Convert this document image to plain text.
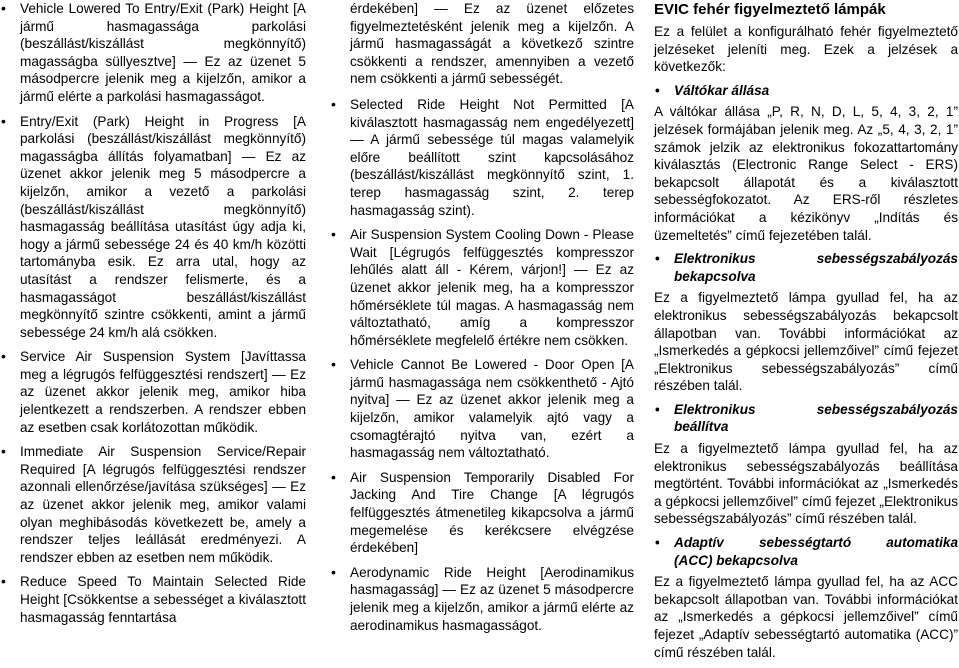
• Vehicle Lowered To Entry/Exit (Park) Height [A jármű hasmagassága parkolási (beszállást/kiszállást megkönnyítő) magasságba süllyesztve] — Ez az üzenet 5 másodpercre jelenik meg a kijelzőn, amikor a jármű elérte a parkolási hasmagasságot.
• Entry/Exit (Park) Height in Progress [A parkolási (beszállást/kiszállást megkönnyítő) magasságba állítás folyamatban] — Ez az üzenet akkor jelenik meg 5 másodpercre a kijelzőn, amikor a vezető a parkolási (beszállást/kiszállást megkönnyítő) hasmagasság beállítása utasítást úgy adja ki, hogy a jármű sebessége 24 és 40 km/h közötti tartományba esik. Ez arra utal, hogy az utasítást a rendszer felismerte, és a hasmagasságot beszállást/kiszállást megkönnyítő szintre csökkenti, amint a jármű sebessége 24 km/h alá csökken.
• Service Air Suspension System [Javíttassa meg a légrugós felfüggesztési rendszert] — Ez az üzenet akkor jelenik meg, amikor hiba jelentkezett a rendszerben. A rendszer ebben az esetben csak korlátozottan működik.
• Immediate Air Suspension Service/Repair Required [A légrugós felfüggesztési rendszer azonnali ellenőrzése/javítása szükséges] — Ez az üzenet akkor jelenik meg, amikor valami olyan meghibásodás következett be, amely a rendszer teljes leállását eredményezi. A rendszer ebben az esetben nem működik.
• Reduce Speed To Maintain Selected Ride Height [Csökkentse a sebességet a kiválasztott hasmagasság fenntartása

érdekében] — Ez az üzenet előzetes figyelmeztetésként jelenik meg a kijelzőn. A jármű hasmagasságát a következő szintre csökkenti a rendszer, amennyiben a vezető nem csökkenti a jármű sebességét.

• Selected Ride Height Not Permitted [A kiválasztott hasmagasság nem engedélyezett] — A jármű sebessége túl magas valamelyik előre beállított szint kapcsolásához (beszállást/kiszállást megkönnyítő szint, 1. terep hasmagasság szint, 2. terep hasmagasság szint).
• Air Suspension System Cooling Down - Please Wait [Légrugós felfüggesztés kompresszor lehűlés alatt áll - Kérem, várjon!] — Ez az üzenet akkor jelenik meg, ha a kompresszor hőmérséklete túl magas. A hasmagasság nem változtatható, amíg a kompresszor hőmérséklete megfelelő értékre nem csökken.
• Vehicle Cannot Be Lowered - Door Open [A jármű hasmagassága nem csökkenthető - Ajtó nyitva] — Ez az üzenet akkor jelenik meg a kijelzőn, amikor valamelyik ajtó vagy a csomagtérajtó nyitva van, ezért a hasmagasság nem változtatható.
• Air Suspension Temporarily Disabled For Jacking And Tire Change [A légrugós felfüggesztés átmenetileg kikapcsolva a jármű megemelése és kerékcsere elvégzése érdekében]
• Aerodynamic Ride Height [Aerodinamikus hasmagasság] — Ez az üzenet 5 másodpercre jelenik meg a kijelzőn, amikor a jármű elérte az aerodinamikus hasmagasságot.
EVIC fehér figyelmeztető lámpák

Ez a felület a konfigurálható fehér figyelmeztető jelzéseket jeleníti meg. Ezek a jelzések a következők:

• Váltókar állása

A váltókar állása „P, R, N, D, L, 5, 4, 3, 2, 1” jelzések formájában jelenik meg. Az „5, 4, 3, 2, 1” számok jelzik az elektronikus fokozattartomány kiválasztás (Electronic Range Select - ERS) bekapcsolt állapotát és a kiválasztott sebességfokozatot. Az ERS-ről részletes információkat a kézikönyv „Indítás és üzemeltetés” című fejezetében talál.

• Elektronikus	sebességszabályozás

bekapcsolva

Ez a figyelmeztető lámpa gyullad fel, ha az elektronikus sebességszabályozás bekapcsolt állapotban van. További információkat az „Ismerkedés a gépkocsi jellemzőivel” című fejezet „Elektronikus sebességszabályozás” című részében talál.

• Elektronikus	sebességszabályozás

beállítva

Ez a figyelmeztető lámpa gyullad fel, ha az elektronikus sebességszabályozás beállítása megtörtént. További információkat az „Ismerkedés a gépkocsi jellemzőivel” című fejezet „Elektronikus sebességszabályozás” című részében talál.

• Adaptív	sebességtartó	automatika
(ACC) bekapcsolva

Ez a figyelmeztető lámpa gyullad fel, ha az ACC bekapcsolt állapotban van. További információkat az „Ismerkedés a gépkocsi jellemzőivel” című fejezet „Adaptív sebességtartó automatika (ACC)” című részében talál.
